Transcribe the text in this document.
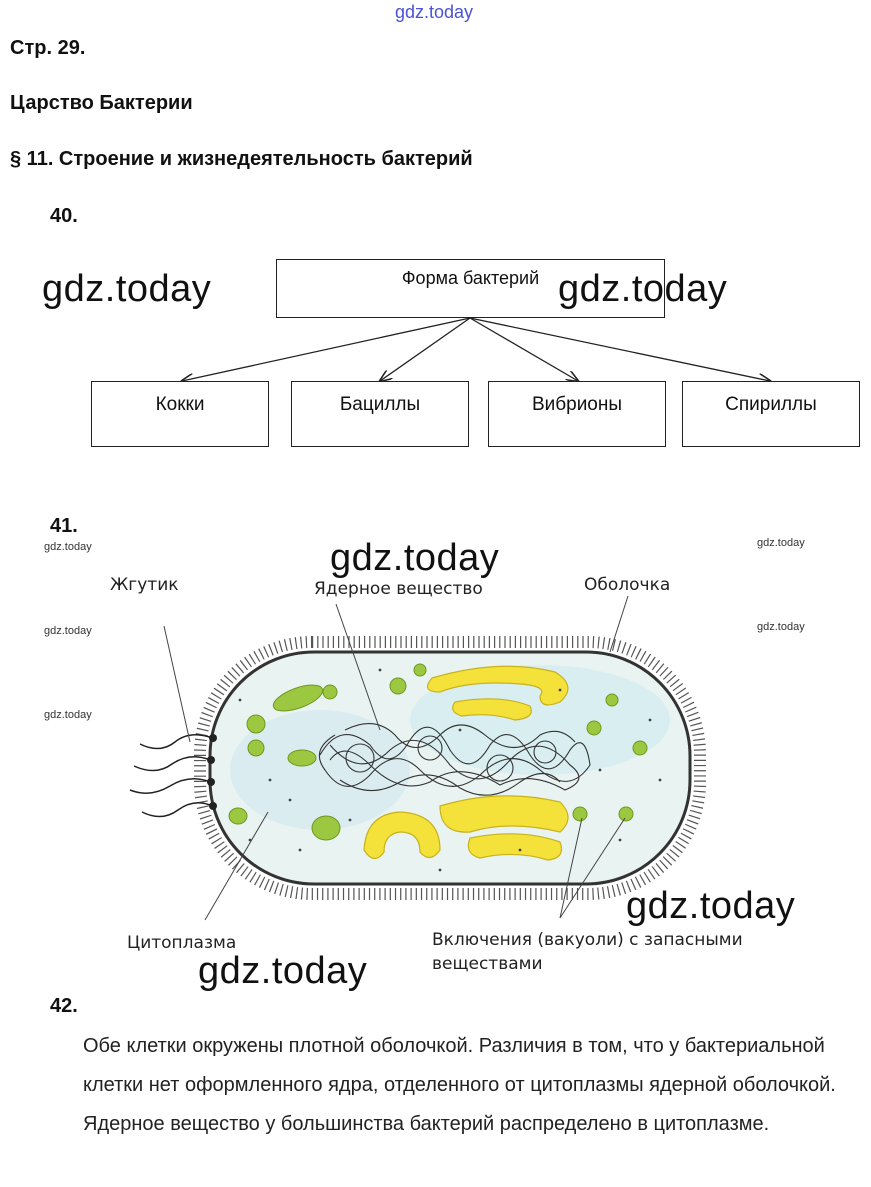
gdz.today
Стр. 29.
Царство Бактерии
§ 11. Строение и жизнедеятельность бактерий
40.
Форма бактерий
Кокки	Бациллы	Вибрионы	Спириллы
gdz.today	gdz.today
41.
gdz.today
gdz.today
gdz.today
gdz.today
gdz.today
Жгутик	Ядерное вещество	Оболочка
Цитоплазма	Включения (вакуоли) с запасными
веществами
gdz.today
gdz.today
gdz.today
42.
Обе клетки окружены плотной оболочкой. Различия в том, что у бактериальной клетки нет оформленного ядра, отделенного от цитоплазмы ядерной оболочкой. Ядерное вещество у большинства бактерий распределено в цитоплазме.
